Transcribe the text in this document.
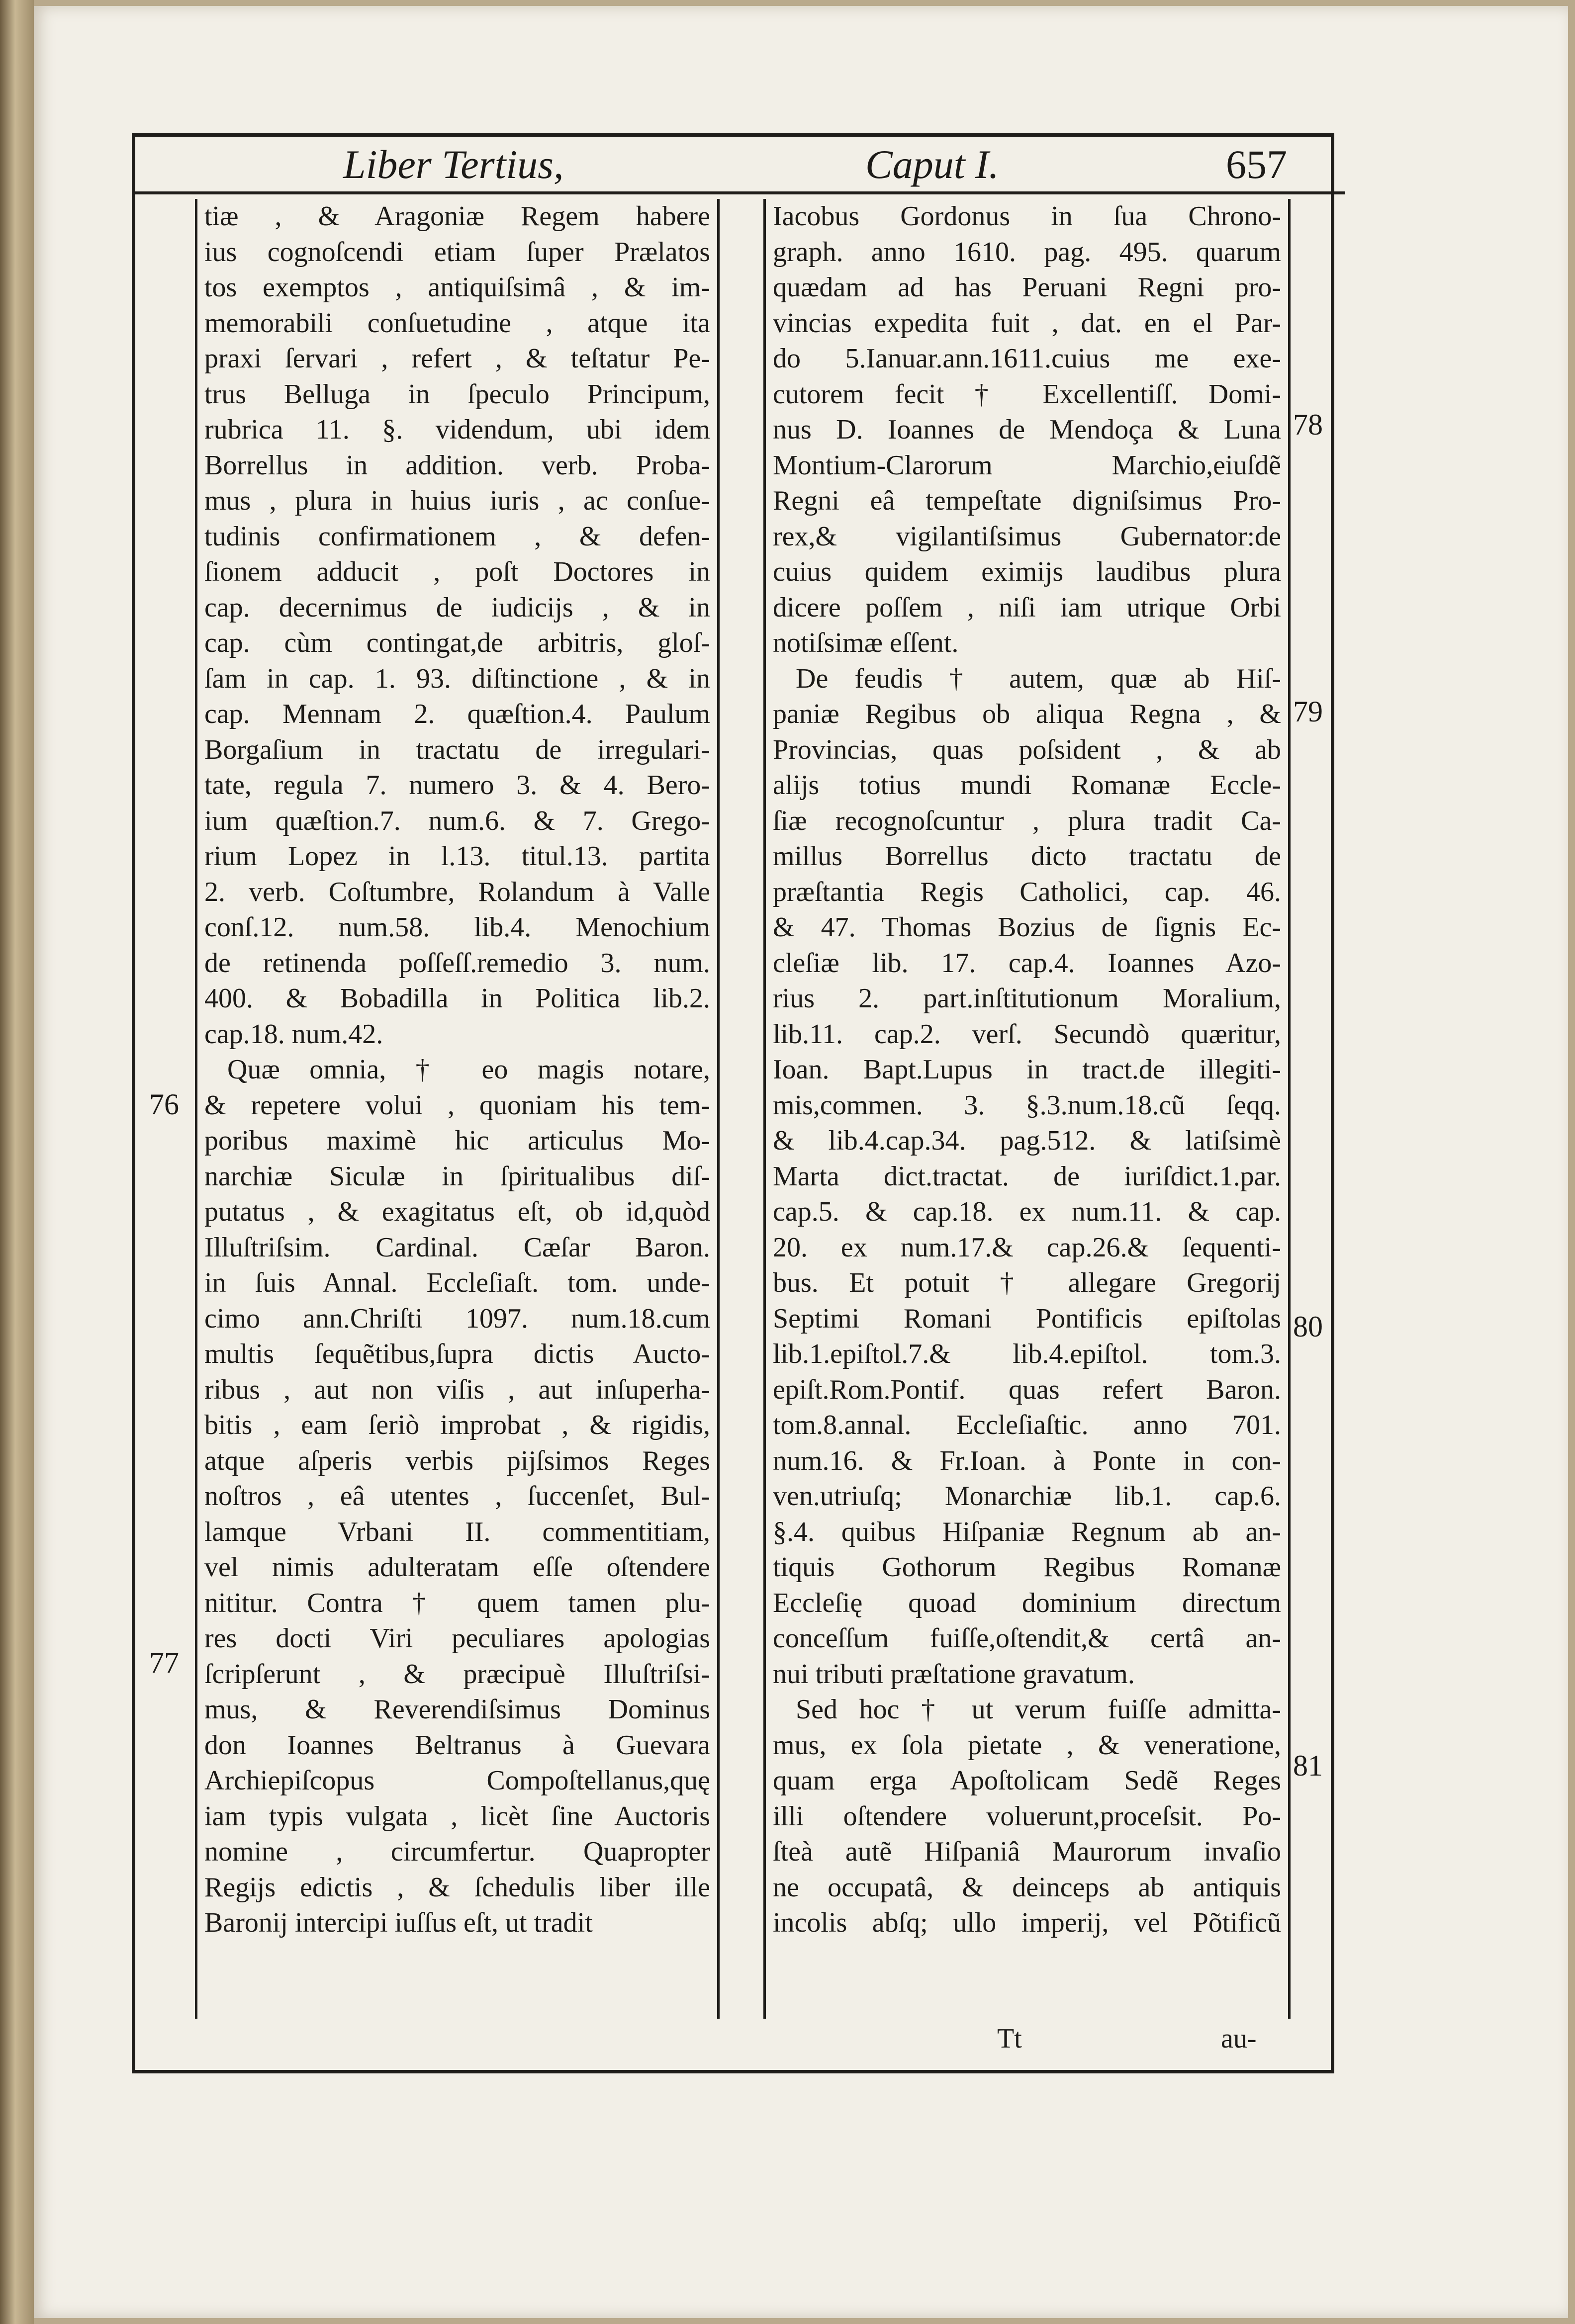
Liber Tertius,	Caput I.	657
tiæ , & Aragoniæ Regem habere
ius cognoſcendi etiam ſuper Prælatos
tos exemptos , antiquiſsimâ , & im-
memorabili conſuetudine , atque ita
praxi ſervari , refert , & teſtatur Pe-
trus Belluga in ſpeculo Principum,
rubrica 11. §. videndum, ubi idem
Borrellus in addition. verb. Proba-
mus , plura in huius iuris , ac conſue-
tudinis confirmationem , & defen-
ſionem adducit , poſt Doctores in
cap. decernimus de iudicijs , & in
cap. cùm contingat,de arbitris, gloſ-
ſam in cap. 1. 93. diſtinctione , & in
cap. Mennam 2. quæſtion.4. Paulum
Borgaſium in tractatu de irregulari-
tate, regula 7. numero 3. & 4. Bero-
ium quæſtion.7. num.6. & 7. Grego-
rium Lopez in l.13. titul.13. partita
2. verb. Coſtumbre, Rolandum à Valle
conſ.12. num.58. lib.4. Menochium
de retinenda poſſeſſ.remedio 3. num.
400. & Bobadilla in Politica lib.2.
cap.18. num.42.
Quæ omnia, † eo magis notare,
& repetere volui , quoniam his tem-
poribus maximè hic articulus Mo-
narchiæ Siculæ in ſpiritualibus diſ-
putatus , & exagitatus eſt, ob id,quòd
Illuſtriſsim. Cardinal. Cæſar Baron.
in ſuis Annal. Eccleſiaſt. tom. unde-
cimo ann.Chriſti 1097. num.18.cum
multis ſequẽtibus,ſupra dictis Aucto-
ribus , aut non viſis , aut inſuperha-
bitis , eam ſeriò improbat , & rigidis,
atque aſperis verbis pijſsimos Reges
noſtros , eâ utentes , ſuccenſet, Bul-
lamque Vrbani II. commentitiam,
vel nimis adulteratam eſſe oſtendere
nititur. Contra † quem tamen plu-
res docti Viri peculiares apologias
ſcripſerunt , & præcipuè Illuſtriſsi-
mus, & Reverendiſsimus Dominus
don Ioannes Beltranus à Guevara
Archiepiſcopus Compoſtellanus,quę
iam typis vulgata , licèt ſine Auctoris
nomine , circumfertur. Quapropter
Regijs edictis , & ſchedulis liber ille
Baronij intercipi iuſſus eſt, ut tradit
Iacobus Gordonus in ſua Chrono-
graph. anno 1610. pag. 495. quarum
quædam ad has Peruani Regni pro-
vincias expedita fuit , dat. en el Par-
do 5.Ianuar.ann.1611.cuius me exe-
cutorem fecit † Excellentiſſ. Domi-
nus D. Ioannes de Mendoça & Luna
Montium-Clarorum Marchio,eiuſdẽ
Regni eâ tempeſtate digniſsimus Pro-
rex,& vigilantiſsimus Gubernator:de
cuius quidem eximijs laudibus plura
dicere poſſem , niſi iam utrique Orbi
notiſsimæ eſſent.
De feudis † autem, quæ ab Hiſ-
paniæ Regibus ob aliqua Regna , &
Provincias, quas poſsident , & ab
alijs totius mundi Romanæ Eccle-
ſiæ recognoſcuntur , plura tradit Ca-
millus Borrellus dicto tractatu de
præſtantia Regis Catholici, cap. 46.
& 47. Thomas Bozius de ſignis Ec-
cleſiæ lib. 17. cap.4. Ioannes Azo-
rius 2. part.inſtitutionum Moralium,
lib.11. cap.2. verſ. Secundò quæritur,
Ioan. Bapt.Lupus in tract.de illegiti-
mis,commen. 3. §.3.num.18.cũ ſeqq.
& lib.4.cap.34. pag.512. & latiſsimè
Marta dict.tractat. de iuriſdict.1.par.
cap.5. & cap.18. ex num.11. & cap.
20. ex num.17.& cap.26.& ſequenti-
bus. Et potuit † allegare Gregorij
Septimi Romani Pontificis epiſtolas
lib.1.epiſtol.7.& lib.4.epiſtol. tom.3.
epiſt.Rom.Pontif. quas refert Baron.
tom.8.annal. Eccleſiaſtic. anno 701.
num.16. & Fr.Ioan. à Ponte in con-
ven.utriuſq; Monarchiæ lib.1. cap.6.
§.4. quibus Hiſpaniæ Regnum ab an-
tiquis Gothorum Regibus Romanæ
Eccleſię quoad dominium directum
conceſſum fuiſſe,oſtendit,& certâ an-
nui tributi præſtatione gravatum.
Sed hoc † ut verum fuiſſe admitta-
mus, ex ſola pietate , & veneratione,
quam erga Apoſtolicam Sedẽ Reges
illi oſtendere voluerunt,proceſsit. Po-
ſteà autẽ Hiſpaniâ Maurorum invaſio
ne occupatâ, & deinceps ab antiquis
incolis abſq; ullo imperij, vel Põtificũ
76
77
78
79
80
81
Tt	au-
